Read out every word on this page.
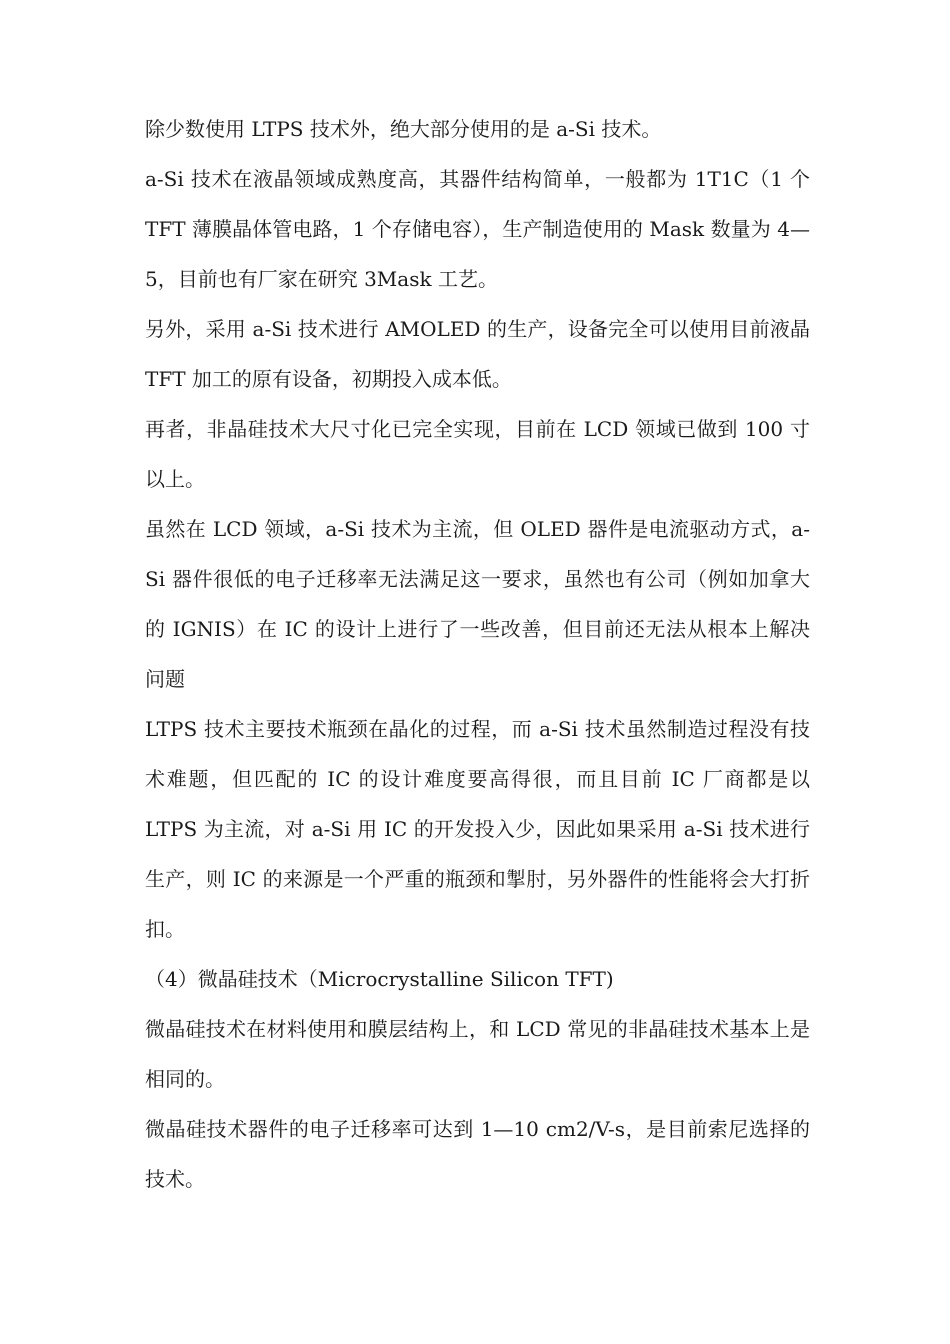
除少数使用 LTPS 技术外，绝大部分使用的是 a-Si 技术。

a-Si 技术在液晶领域成熟度高，其器件结构简单，一般都为 1T1C（1 个 TFT 薄膜晶体管电路，1 个存储电容），生产制造使用的 Mask 数量为 4—5，目前也有厂家在研究 3Mask 工艺。

另外，采用 a-Si 技术进行 AMOLED 的生产，设备完全可以使用目前液晶 TFT 加工的原有设备，初期投入成本低。

再者，非晶硅技术大尺寸化已完全实现，目前在 LCD 领域已做到 100 寸以上。

虽然在 LCD 领域，a-Si 技术为主流，但 OLED 器件是电流驱动方式，a-Si 器件很低的电子迁移率无法满足这一要求，虽然也有公司（例如加拿大的 IGNIS）在 IC 的设计上进行了一些改善，但目前还无法从根本上解决问题

LTPS 技术主要技术瓶颈在晶化的过程，而 a-Si 技术虽然制造过程没有技术难题，但匹配的 IC 的设计难度要高得很，而且目前 IC 厂商都是以 LTPS 为主流，对 a-Si 用 IC 的开发投入少，因此如果采用 a-Si 技术进行生产，则 IC 的来源是一个严重的瓶颈和掣肘，另外器件的性能将会大打折扣。

（4）微晶硅技术（Microcrystalline Silicon TFT)

微晶硅技术在材料使用和膜层结构上，和 LCD 常见的非晶硅技术基本上是相同的。

微晶硅技术器件的电子迁移率可达到 1—10 cm2/V-s，是目前索尼选择的技术。
